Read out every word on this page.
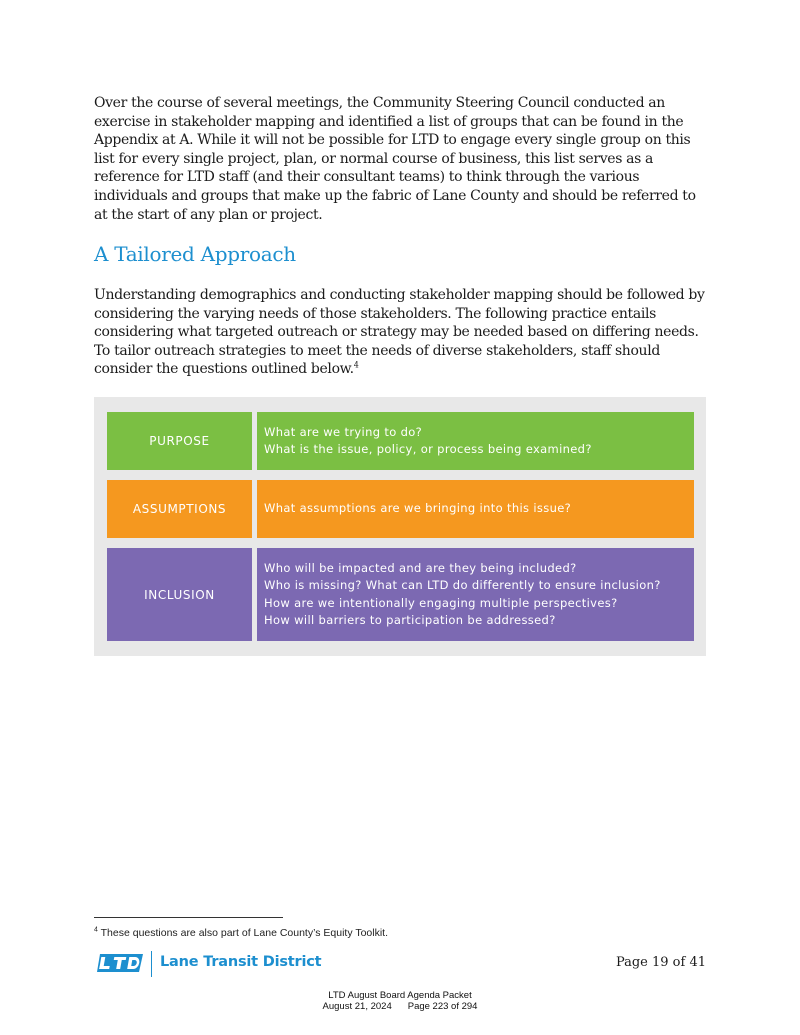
Over the course of several meetings, the Community Steering Council conducted an exercise in stakeholder mapping and identified a list of groups that can be found in the Appendix at A. While it will not be possible for LTD to engage every single group on this list for every single project, plan, or normal course of business, this list serves as a reference for LTD staff (and their consultant teams) to think through the various individuals and groups that make up the fabric of Lane County and should be referred to at the start of any plan or project.

A Tailored Approach

Understanding demographics and conducting stakeholder mapping should be followed by considering the varying needs of those stakeholders. The following practice entails considering what targeted outreach or strategy may be needed based on differing needs. To tailor outreach strategies to meet the needs of diverse stakeholders, staff should consider the questions outlined below.$^4$

PURPOSE
What are we trying to do?
What is the issue, policy, or process being examined?
ASSUMPTIONS	What assumptions are we bringing into this issue?
INCLUSION
Who will be impacted and are they being included?
Who is missing? What can LTD do differently to ensure inclusion?
How are we intentionally engaging multiple perspectives?
How will barriers to participation be addressed?
$^4$ These questions are also part of Lane County’s Equity Toolkit.
Lane Transit District	Page 19 of 41
LTD August Board Agenda Packet
August 21, 2024 Page 223 of 294
